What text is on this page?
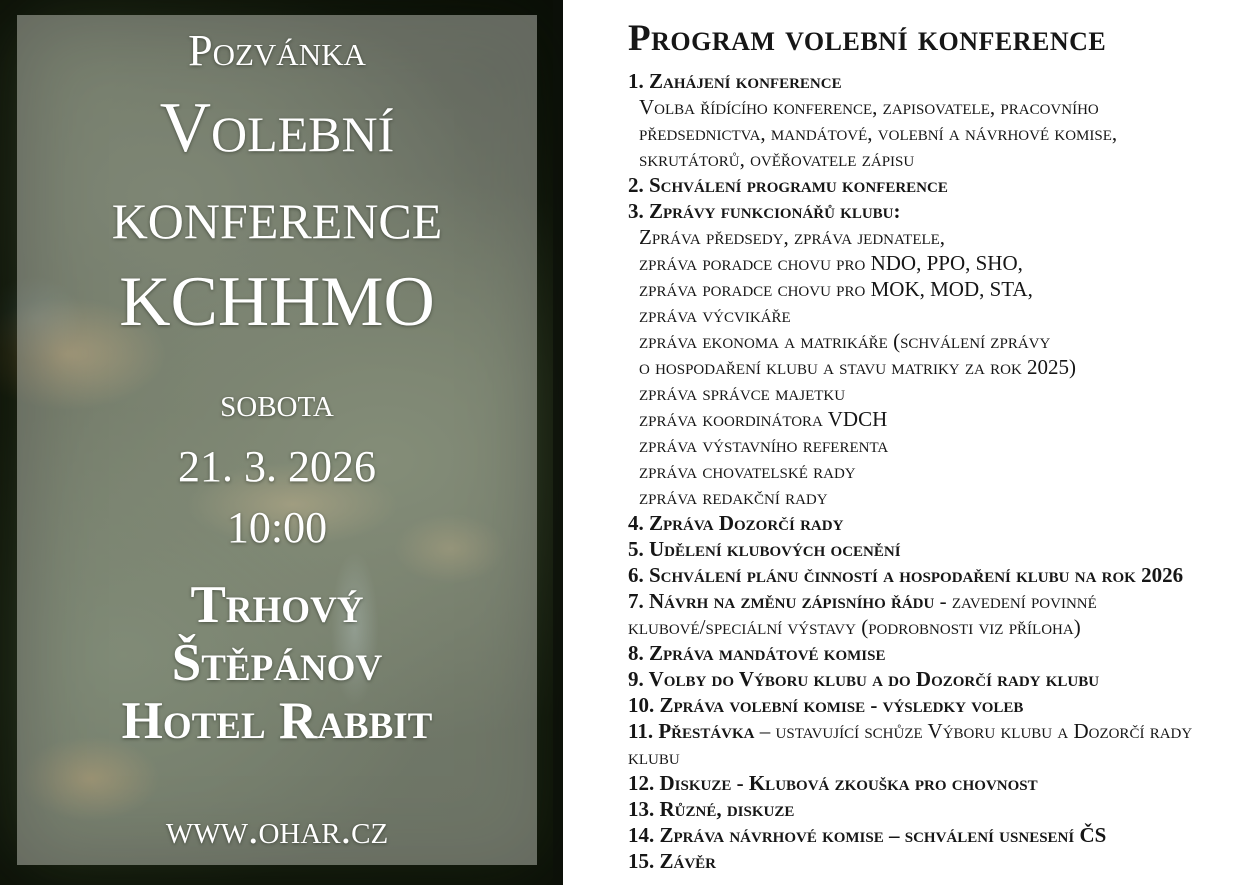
Pozvánka
Volební
konference
KCHHMO
sobota
21. 3. 2026
10:00
Trhový
Štěpánov
Hotel Rabbit
www.ohar.cz
Program volební konference
1. Zahájení konference
Volba řídícího konference, zapisovatele, pracovního
předsednictva, mandátové, volební a návrhové komise,
skrutátorů, ověřovatele zápisu
2. Schválení programu konference
3. Zprávy funkcionářů klubu:
Zpráva předsedy, zpráva jednatele,
zpráva poradce chovu pro NDO, PPO, SHO,
zpráva poradce chovu pro MOK, MOD, STA,
zpráva výcvikáře
zpráva ekonoma a matrikáře (schválení zprávy
o hospodaření klubu a stavu matriky za rok 2025)
zpráva správce majetku
zpráva koordinátora VDCH
zpráva výstavního referenta
zpráva chovatelské rady
zpráva redakční rady
4. Zpráva Dozorčí rady
5. Udělení klubových ocenění
6. Schválení plánu činností a hospodaření klubu na rok 2026
7. Návrh na změnu zápisního řádu - zavedení povinné klubové/speciální výstavy (podrobnosti viz příloha)
8. Zpráva mandátové komise
9. Volby do Výboru klubu a do Dozorčí rady klubu
10. Zpráva volební komise - výsledky voleb
11. Přestávka – ustavující schůze Výboru klubu a Dozorčí rady klubu
12. Diskuze - Klubová zkouška pro chovnost
13. Různé, diskuze
14. Zpráva návrhové komise – schválení usnesení ČS
15. Závěr
